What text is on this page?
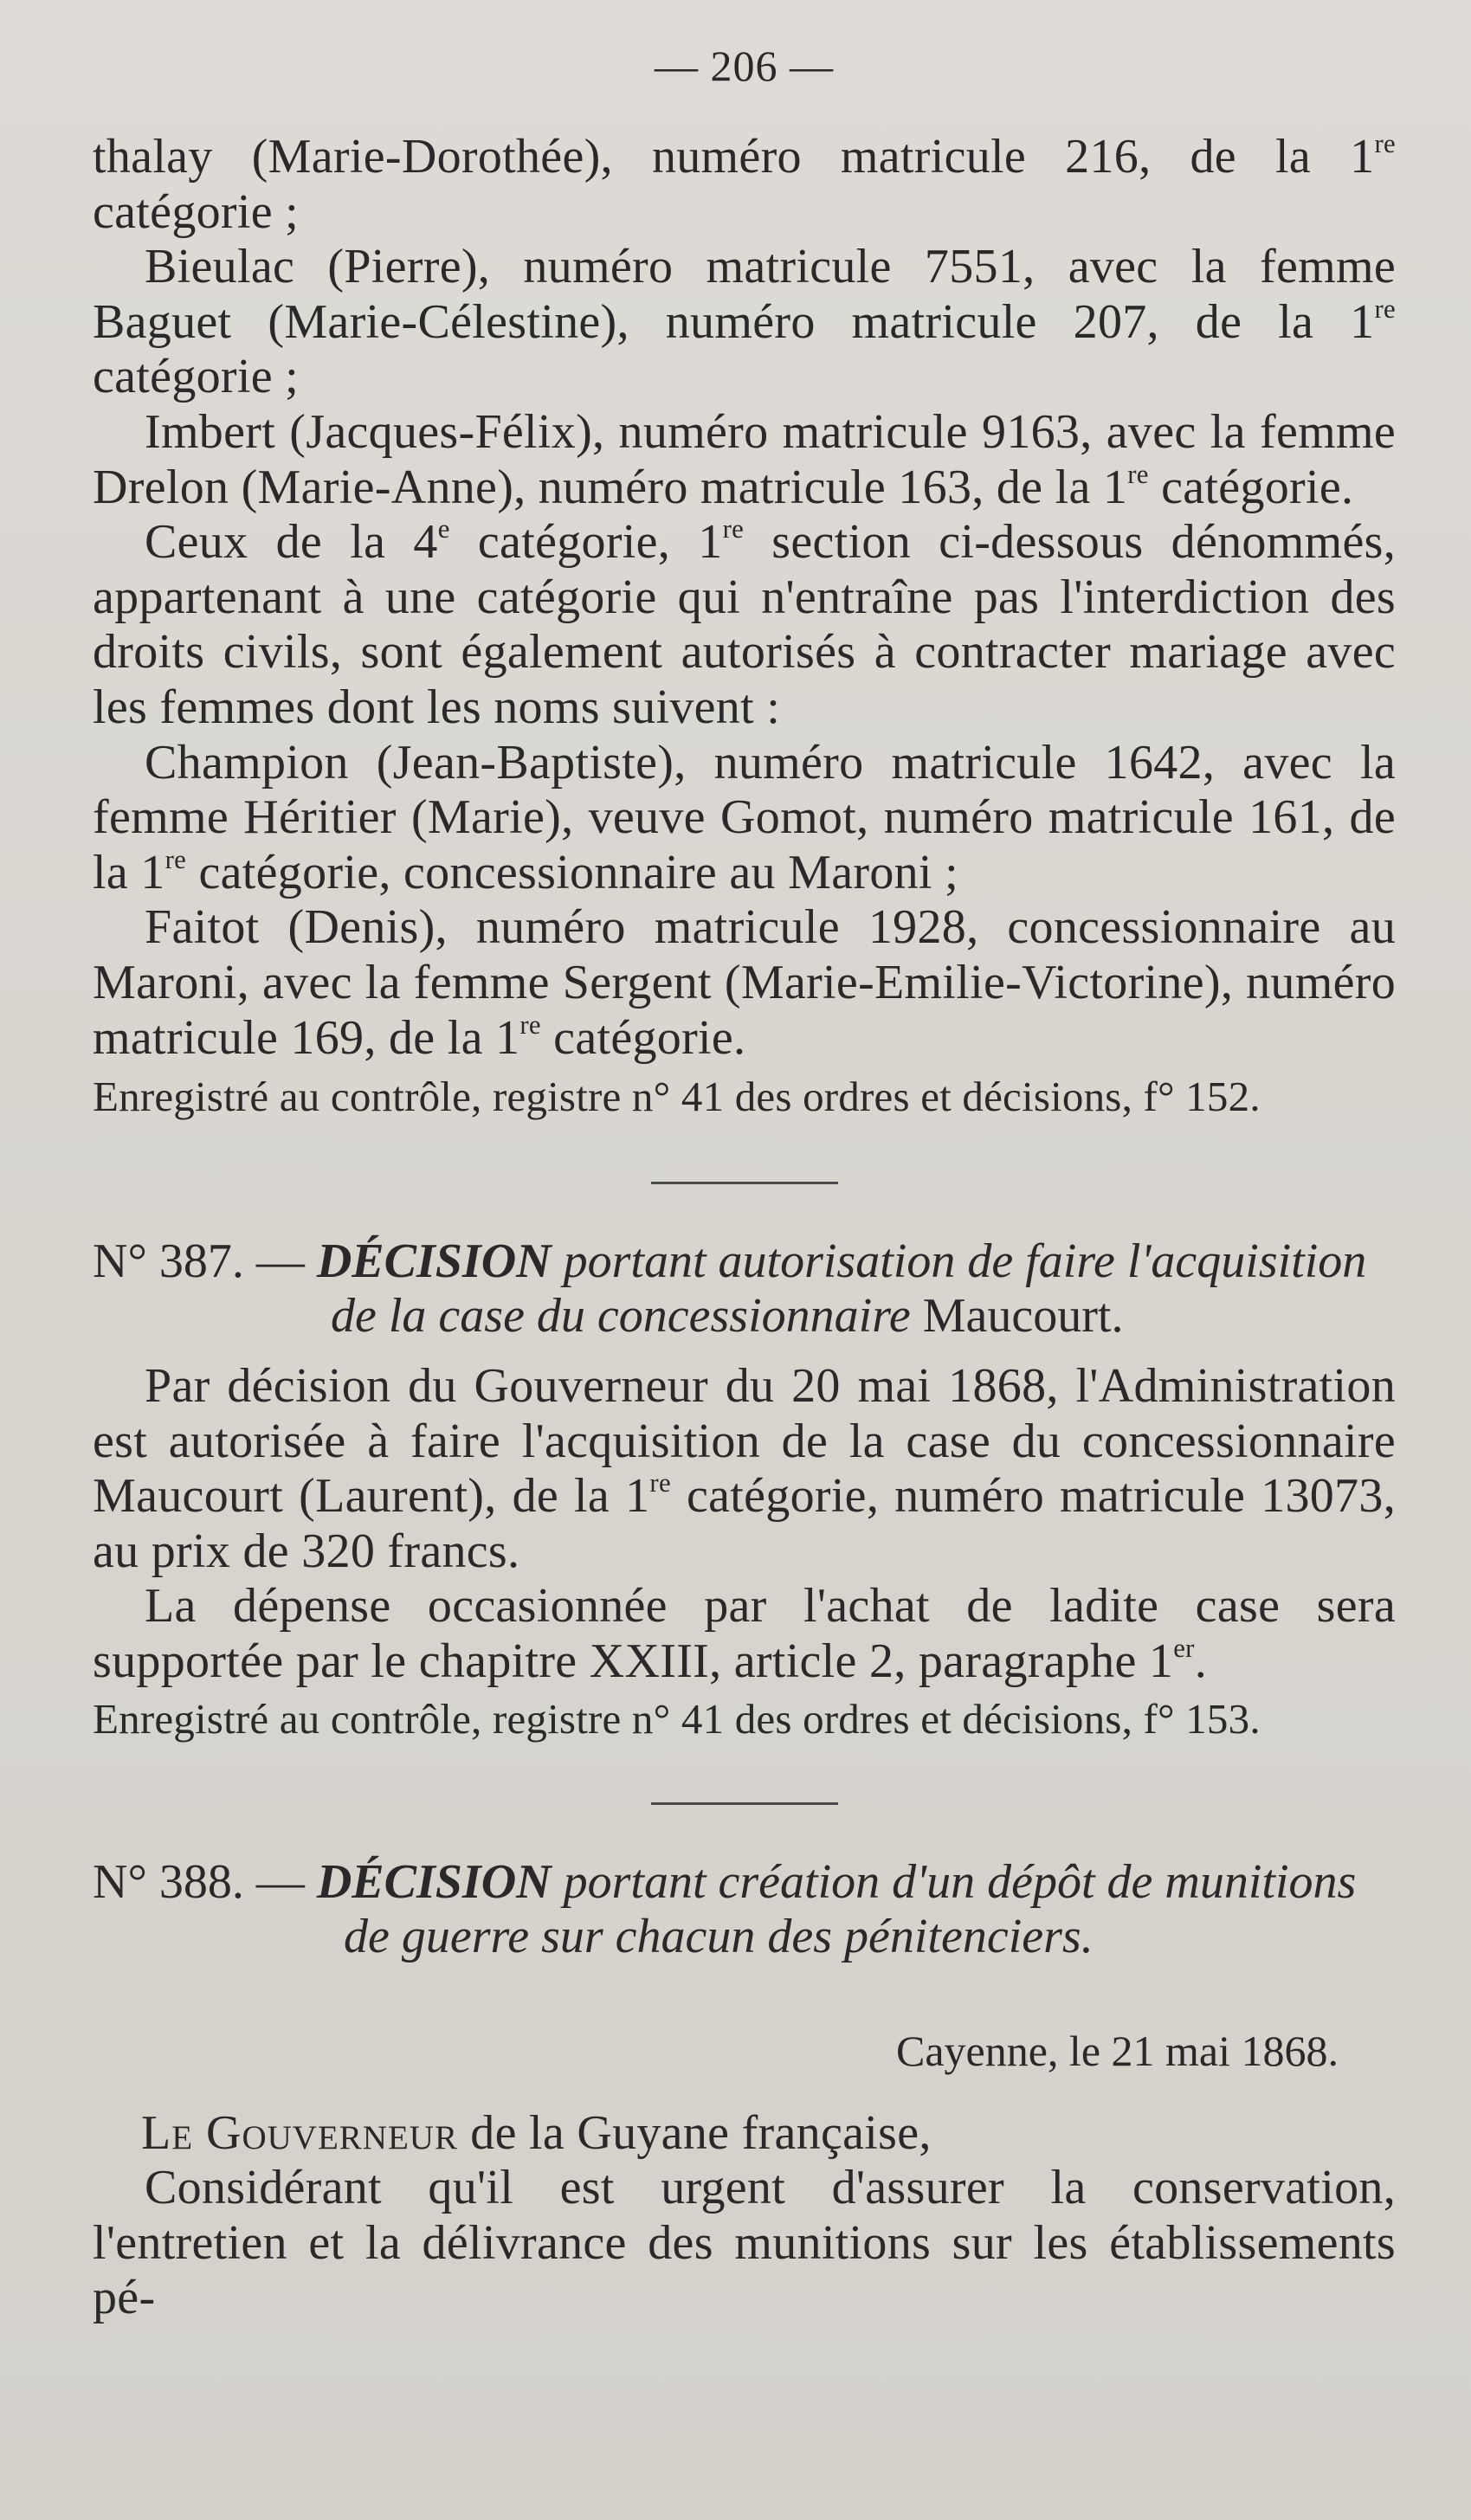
— 206 —

thalay (Marie-Dorothée), numéro matricule 216, de la 1re catégorie ;

Bieulac (Pierre), numéro matricule 7551, avec la femme Baguet (Marie-Célestine), numéro matricule 207, de la 1re catégorie ;

Imbert (Jacques-Félix), numéro matricule 9163, avec la femme Drelon (Marie-Anne), numéro matricule 163, de la 1re catégorie.

Ceux de la 4e catégorie, 1re section ci-dessous dénommés, appartenant à une catégorie qui n'entraîne pas l'interdiction des droits civils, sont également autorisés à contracter mariage avec les femmes dont les noms suivent :

Champion (Jean-Baptiste), numéro matricule 1642, avec la femme Héritier (Marie), veuve Gomot, numéro matricule 161, de la 1re catégorie, concessionnaire au Maroni ;

Faitot (Denis), numéro matricule 1928, concessionnaire au Maroni, avec la femme Sergent (Marie-Emilie-Victorine), numéro matricule 169, de la 1re catégorie.

Enregistré au contrôle, registre n° 41 des ordres et décisions, f° 152.

N° 387. — DÉCISION portant autorisation de faire l'acquisition
de la case du concessionnaire Maucourt.

Par décision du Gouverneur du 20 mai 1868, l'Administration est autorisée à faire l'acquisition de la case du concessionnaire Maucourt (Laurent), de la 1re catégorie, numéro matricule 13073, au prix de 320 francs.

La dépense occasionnée par l'achat de ladite case sera supportée par le chapitre XXIII, article 2, paragraphe 1er.

Enregistré au contrôle, registre n° 41 des ordres et décisions, f° 153.

N° 388. — DÉCISION portant création d'un dépôt de munitions
de guerre sur chacun des pénitenciers.

Cayenne, le 21 mai 1868.

Le Gouverneur de la Guyane française,

Considérant qu'il est urgent d'assurer la conservation, l'entretien et la délivrance des munitions sur les établissements pé-
